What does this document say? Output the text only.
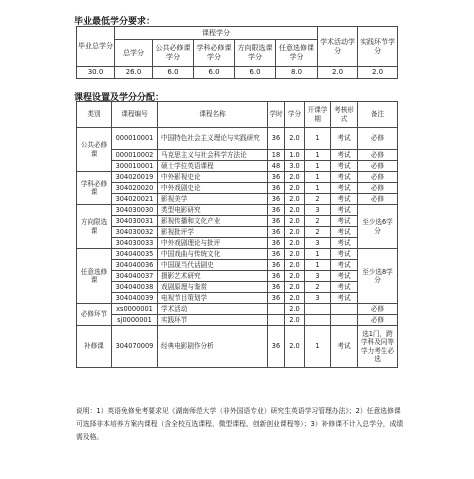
毕业最低学分要求：
毕业总学分	课程学分					学术活动学分	实践环节学分
	总学分	公共必修课学分	学科必修课学分	方向限选课学分	任意选修课学分		
30.0	26.0	6.0	6.0	6.0	8.0	2.0	2.0
课程设置及学分分配：
类别	课程编号	课程名称	学时	学分	开课学期	考核形式	备注
公共必修课	000010001	中国特色社会主义理论与实践研究	36	2.0	1	考试	必修
	000010002	马克思主义与社会科学方法论	18	1.0	1	考试	必修
	300010001	硕士学位英语课程	48	3.0	1	考试	必修
学科必修课	304020019	中外影视史论	36	2.0	1	考试	必修
	304020020	中外戏剧史论	36	2.0	1	考试	必修
	304020021	影视美学	36	2.0	2	考试	必修
方向限选课	304030030	类型电影研究	36	2.0	3	考试	至少选6学分
	304030031	影视传播和文化产业	36	2.0	2	考试	
	304030032	影视批评学	36	2.0	2	考试	
	304030033	中外戏剧理论与批评	36	2.0	3	考试	
任意选修课	304040035	中国戏曲与传统文化	36	2.0	1	考试	至少选8学分
	304040036	中国现当代话剧史	36	2.0	1	考试	
	304040037	摄影艺术研究	36	2.0	3	考试	
	304040038	戏剧原理与鉴赏	36	2.0	2	考试	
	304040039	电视节目策划学	36	2.0	3	考试	
必修环节	xs0000001	学术活动		2.0			必修
	sj0000001	实践环节		2.0			必修
补修课	304070009	经典电影剧作分析	36	2.0	1	考试	选1门，跨学科及同等学力考生必选
说明：1）英语免修免考要求见《湖南师范大学（非外国语专业）研究生英语学习管理办法》；2）任意选修课可选择非本培养方案内课程（含全校互选课程、微型课程、创新创业课程等）；3）补修课不计入总学分，成绩需及格。
